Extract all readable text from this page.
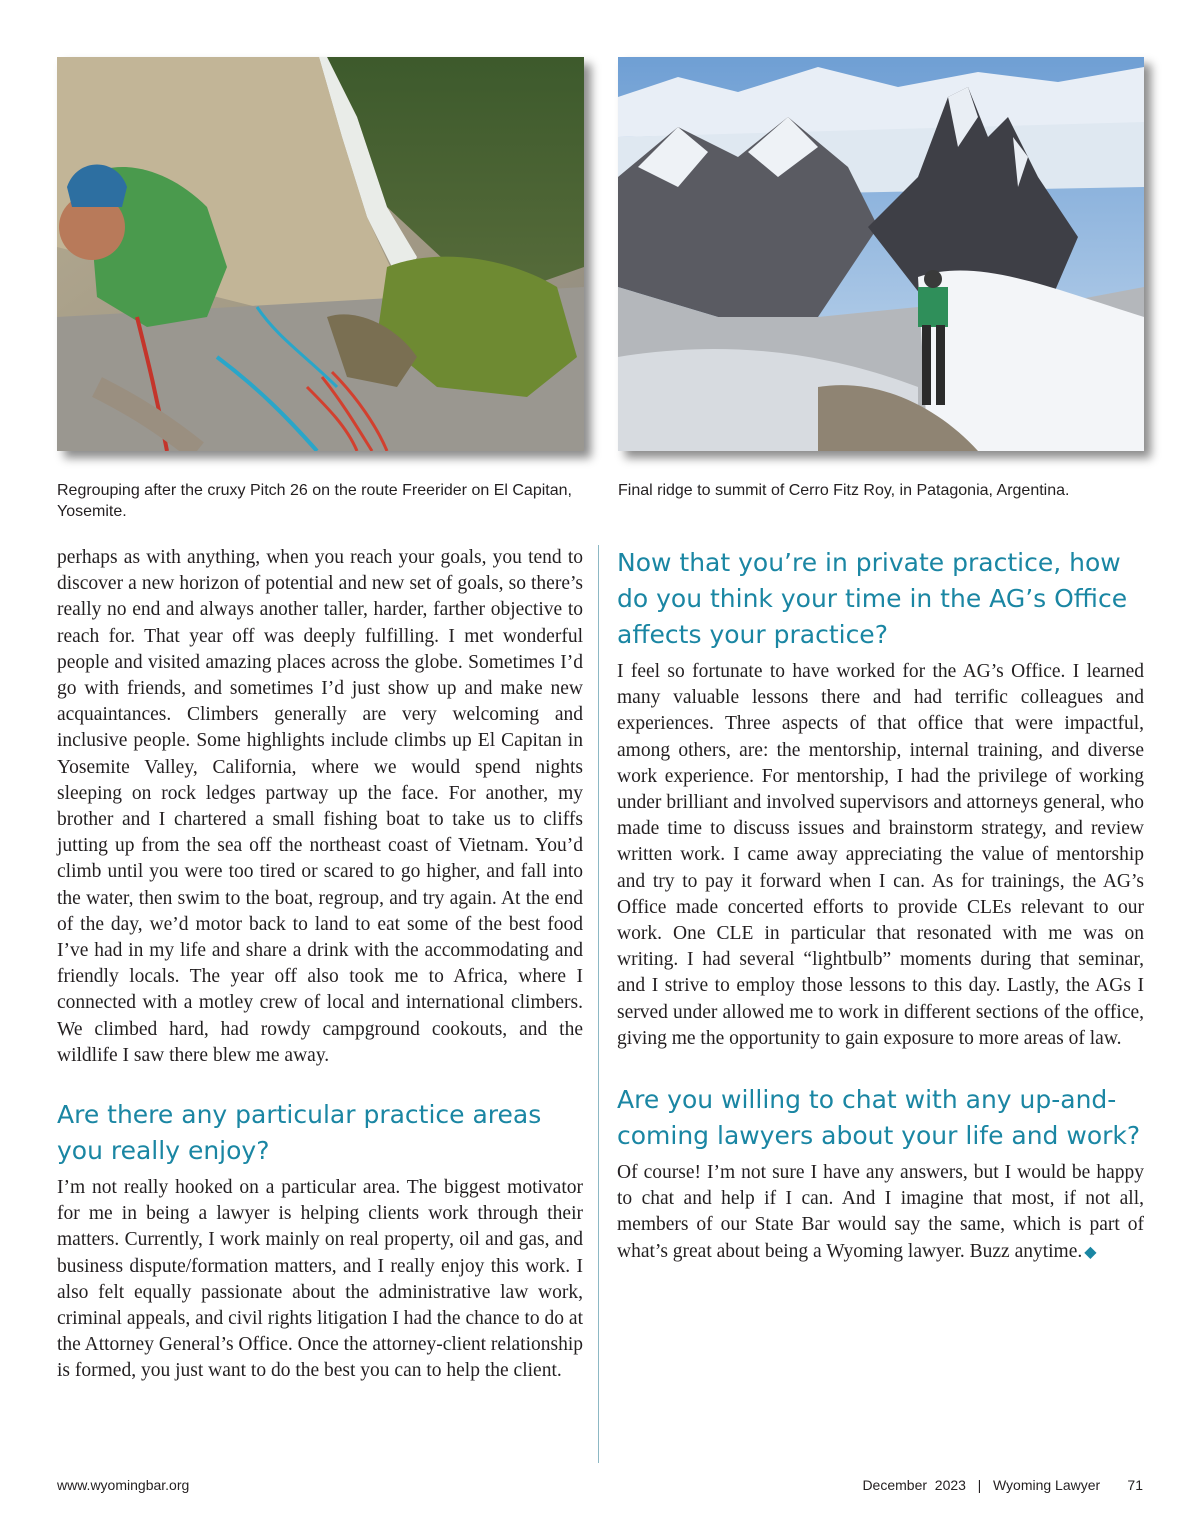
Regrouping after the cruxy Pitch 26 on the route Freerider on El Capitan, Yosemite.
Final ridge to summit of Cerro Fitz Roy, in Patagonia, Argentina.

perhaps as with anything, when you reach your goals, you tend to discover a new horizon of potential and new set of goals, so there’s really no end and always another taller, harder, farther objective to reach for. That year off was deeply fulfilling. I met wonderful people and visited amazing places across the globe. Sometimes I’d go with friends, and sometimes I’d just show up and make new acquaintances. Climbers generally are very welcoming and inclusive people. Some highlights include climbs up El Capitan in Yosemite Valley, California, where we would spend nights sleeping on rock ledges partway up the face. For another, my brother and I chartered a small fishing boat to take us to cliffs jutting up from the sea off the northeast coast of Vietnam. You’d climb until you were too tired or scared to go higher, and fall into the water, then swim to the boat, regroup, and try again. At the end of the day, we’d motor back to land to eat some of the best food I’ve had in my life and share a drink with the accommodating and friendly locals. The year off also took me to Africa, where I connected with a motley crew of local and international climbers. We climbed hard, had rowdy campground cookouts, and the wildlife I saw there blew me away.

Are there any particular practice areas you really enjoy?

I’m not really hooked on a particular area. The biggest motivator for me in being a lawyer is helping clients work through their matters. Currently, I work mainly on real property, oil and gas, and business dispute/formation matters, and I really enjoy this work. I also felt equally passionate about the administrative law work, criminal appeals, and civil rights litigation I had the chance to do at the Attorney General’s Office. Once the attorney-client relationship is formed, you just want to do the best you can to help the client.

Now that you’re in private practice, how do you think your time in the AG’s Office affects your practice?

I feel so fortunate to have worked for the AG’s Office. I learned many valuable lessons there and had terrific colleagues and experiences. Three aspects of that office that were impactful, among others, are: the mentorship, internal training, and diverse work experience. For mentorship, I had the privilege of working under brilliant and involved supervisors and attorneys general, who made time to discuss issues and brainstorm strategy, and review written work. I came away appreciating the value of mentorship and try to pay it forward when I can. As for trainings, the AG’s Office made concerted efforts to provide CLEs relevant to our work. One CLE in particular that resonated with me was on writing. I had several “lightbulb” moments during that seminar, and I strive to employ those lessons to this day. Lastly, the AGs I served under allowed me to work in different sections of the office, giving me the opportunity to gain exposure to more areas of law.

Are you willing to chat with any up-and-coming lawyers about your life and work?

Of course! I’m not sure I have any answers, but I would be happy to chat and help if I can. And I imagine that most, if not all, members of our State Bar would say the same, which is part of what’s great about being a Wyoming lawyer. Buzz anytime. ◆

www.wyomingbar.org	December  2023
|
Wyoming Lawyer
71
